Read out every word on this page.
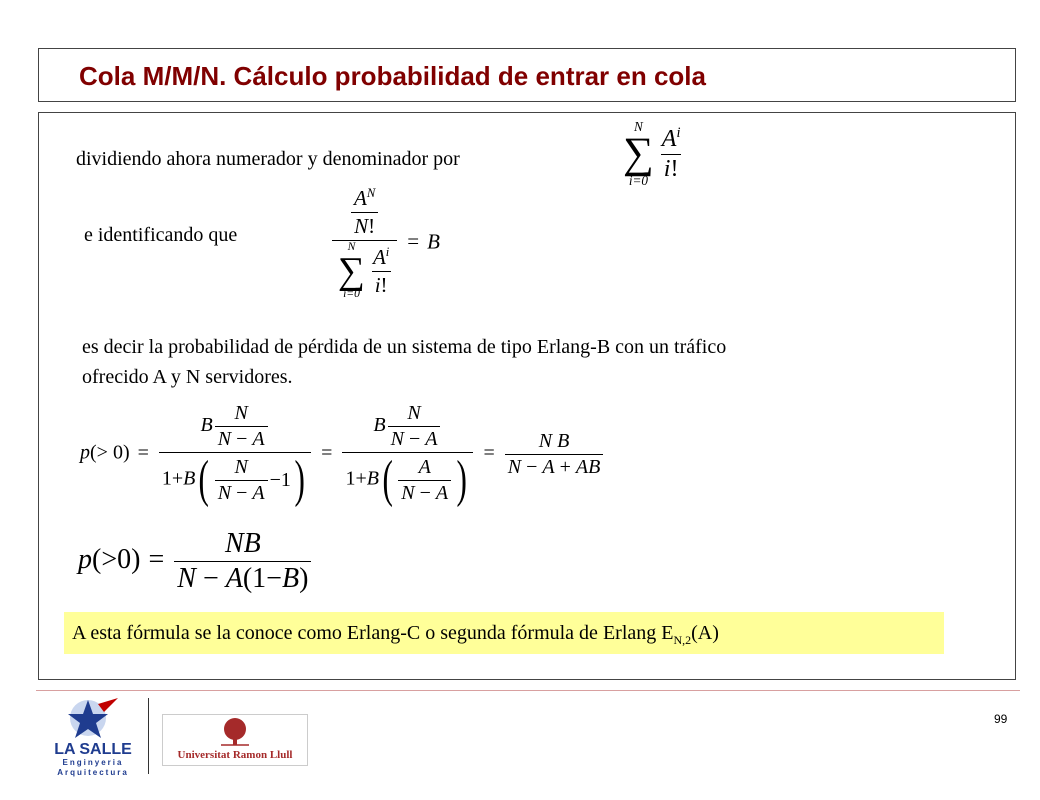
Cola M/M/N. Cálculo probabilidad de entrar en cola
dividiendo ahora numerador y denominador por
N
∑
$i=0 \frac{A^i}{i!}$
e identificando que	$\frac{A^N}{N!}$
N
∑
$i=0 \frac{A^i}{i!} = B$
es decir la probabilidad de pérdida de un sistema de tipo Erlang-B con un tráfico
ofrecido A y N servidores.
$p(> 0) = \frac{B \frac{N}{N - A}}{1+B ( \frac{N}{N - A} -1 )} = \frac{B \frac{N}{N - A}}{1+B ( \frac{A}{N - A} )} = \frac{\text{N B}}{N - A + AB}$
$p(>0) = \frac{NB}{N - A(1-B)}$
A esta fórmula se la conoce como Erlang-C o segunda fórmula de Erlang $E_{N,2}(A)$
LA SALLE
Enginyeria
Arquitectura
Universitat Ramon Llull
99
